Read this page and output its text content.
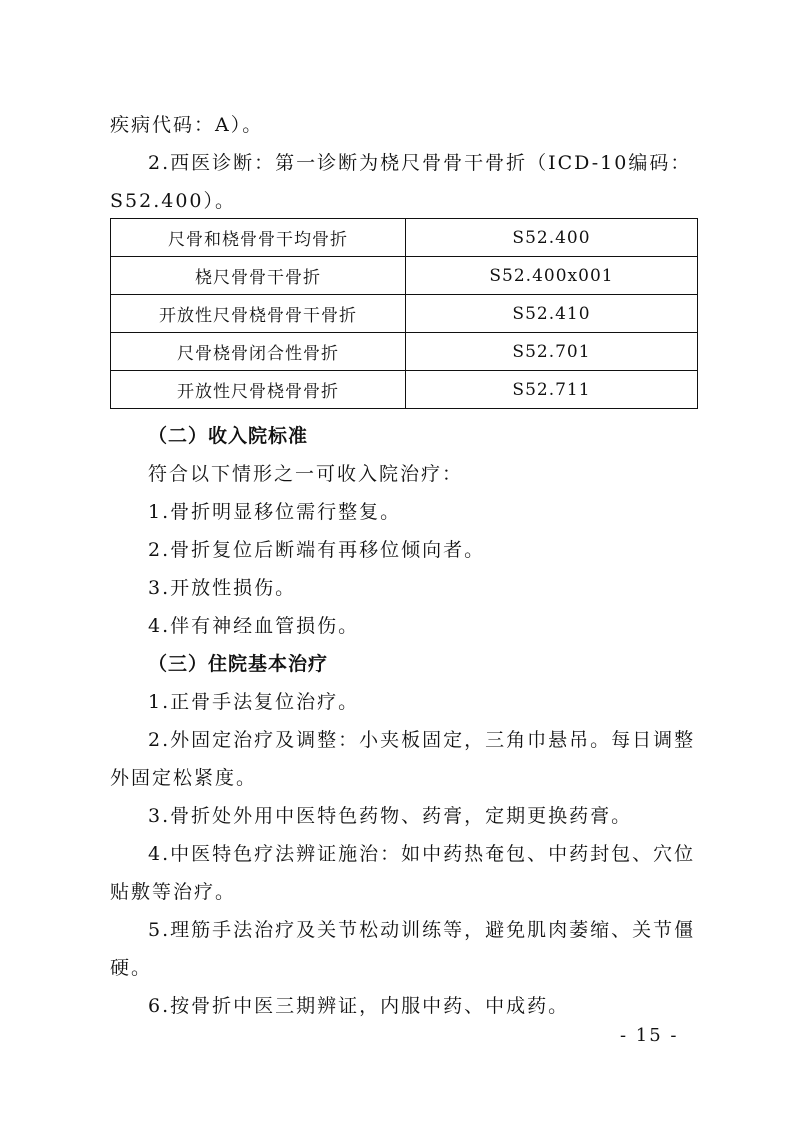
疾病代码：A）。
2.西医诊断：第一诊断为桡尺骨骨干骨折（ICD-10编码：
S52.400）。
尺骨和桡骨骨干均骨折	S52.400
桡尺骨骨干骨折	S52.400x001
开放性尺骨桡骨骨干骨折	S52.410
尺骨桡骨闭合性骨折	S52.701
开放性尺骨桡骨骨折	S52.711
（二）收入院标准
符合以下情形之一可收入院治疗：
1.骨折明显移位需行整复。
2.骨折复位后断端有再移位倾向者。
3.开放性损伤。
4.伴有神经血管损伤。
（三）住院基本治疗
1.正骨手法复位治疗。
2.外固定治疗及调整：小夹板固定，三角巾悬吊。每日调整
外固定松紧度。
3.骨折处外用中医特色药物、药膏，定期更换药膏。
4.中医特色疗法辨证施治：如中药热奄包、中药封包、穴位
贴敷等治疗。
5.理筋手法治疗及关节松动训练等，避免肌肉萎缩、关节僵
硬。
6.按骨折中医三期辨证，内服中药、中成药。
- 15 -
